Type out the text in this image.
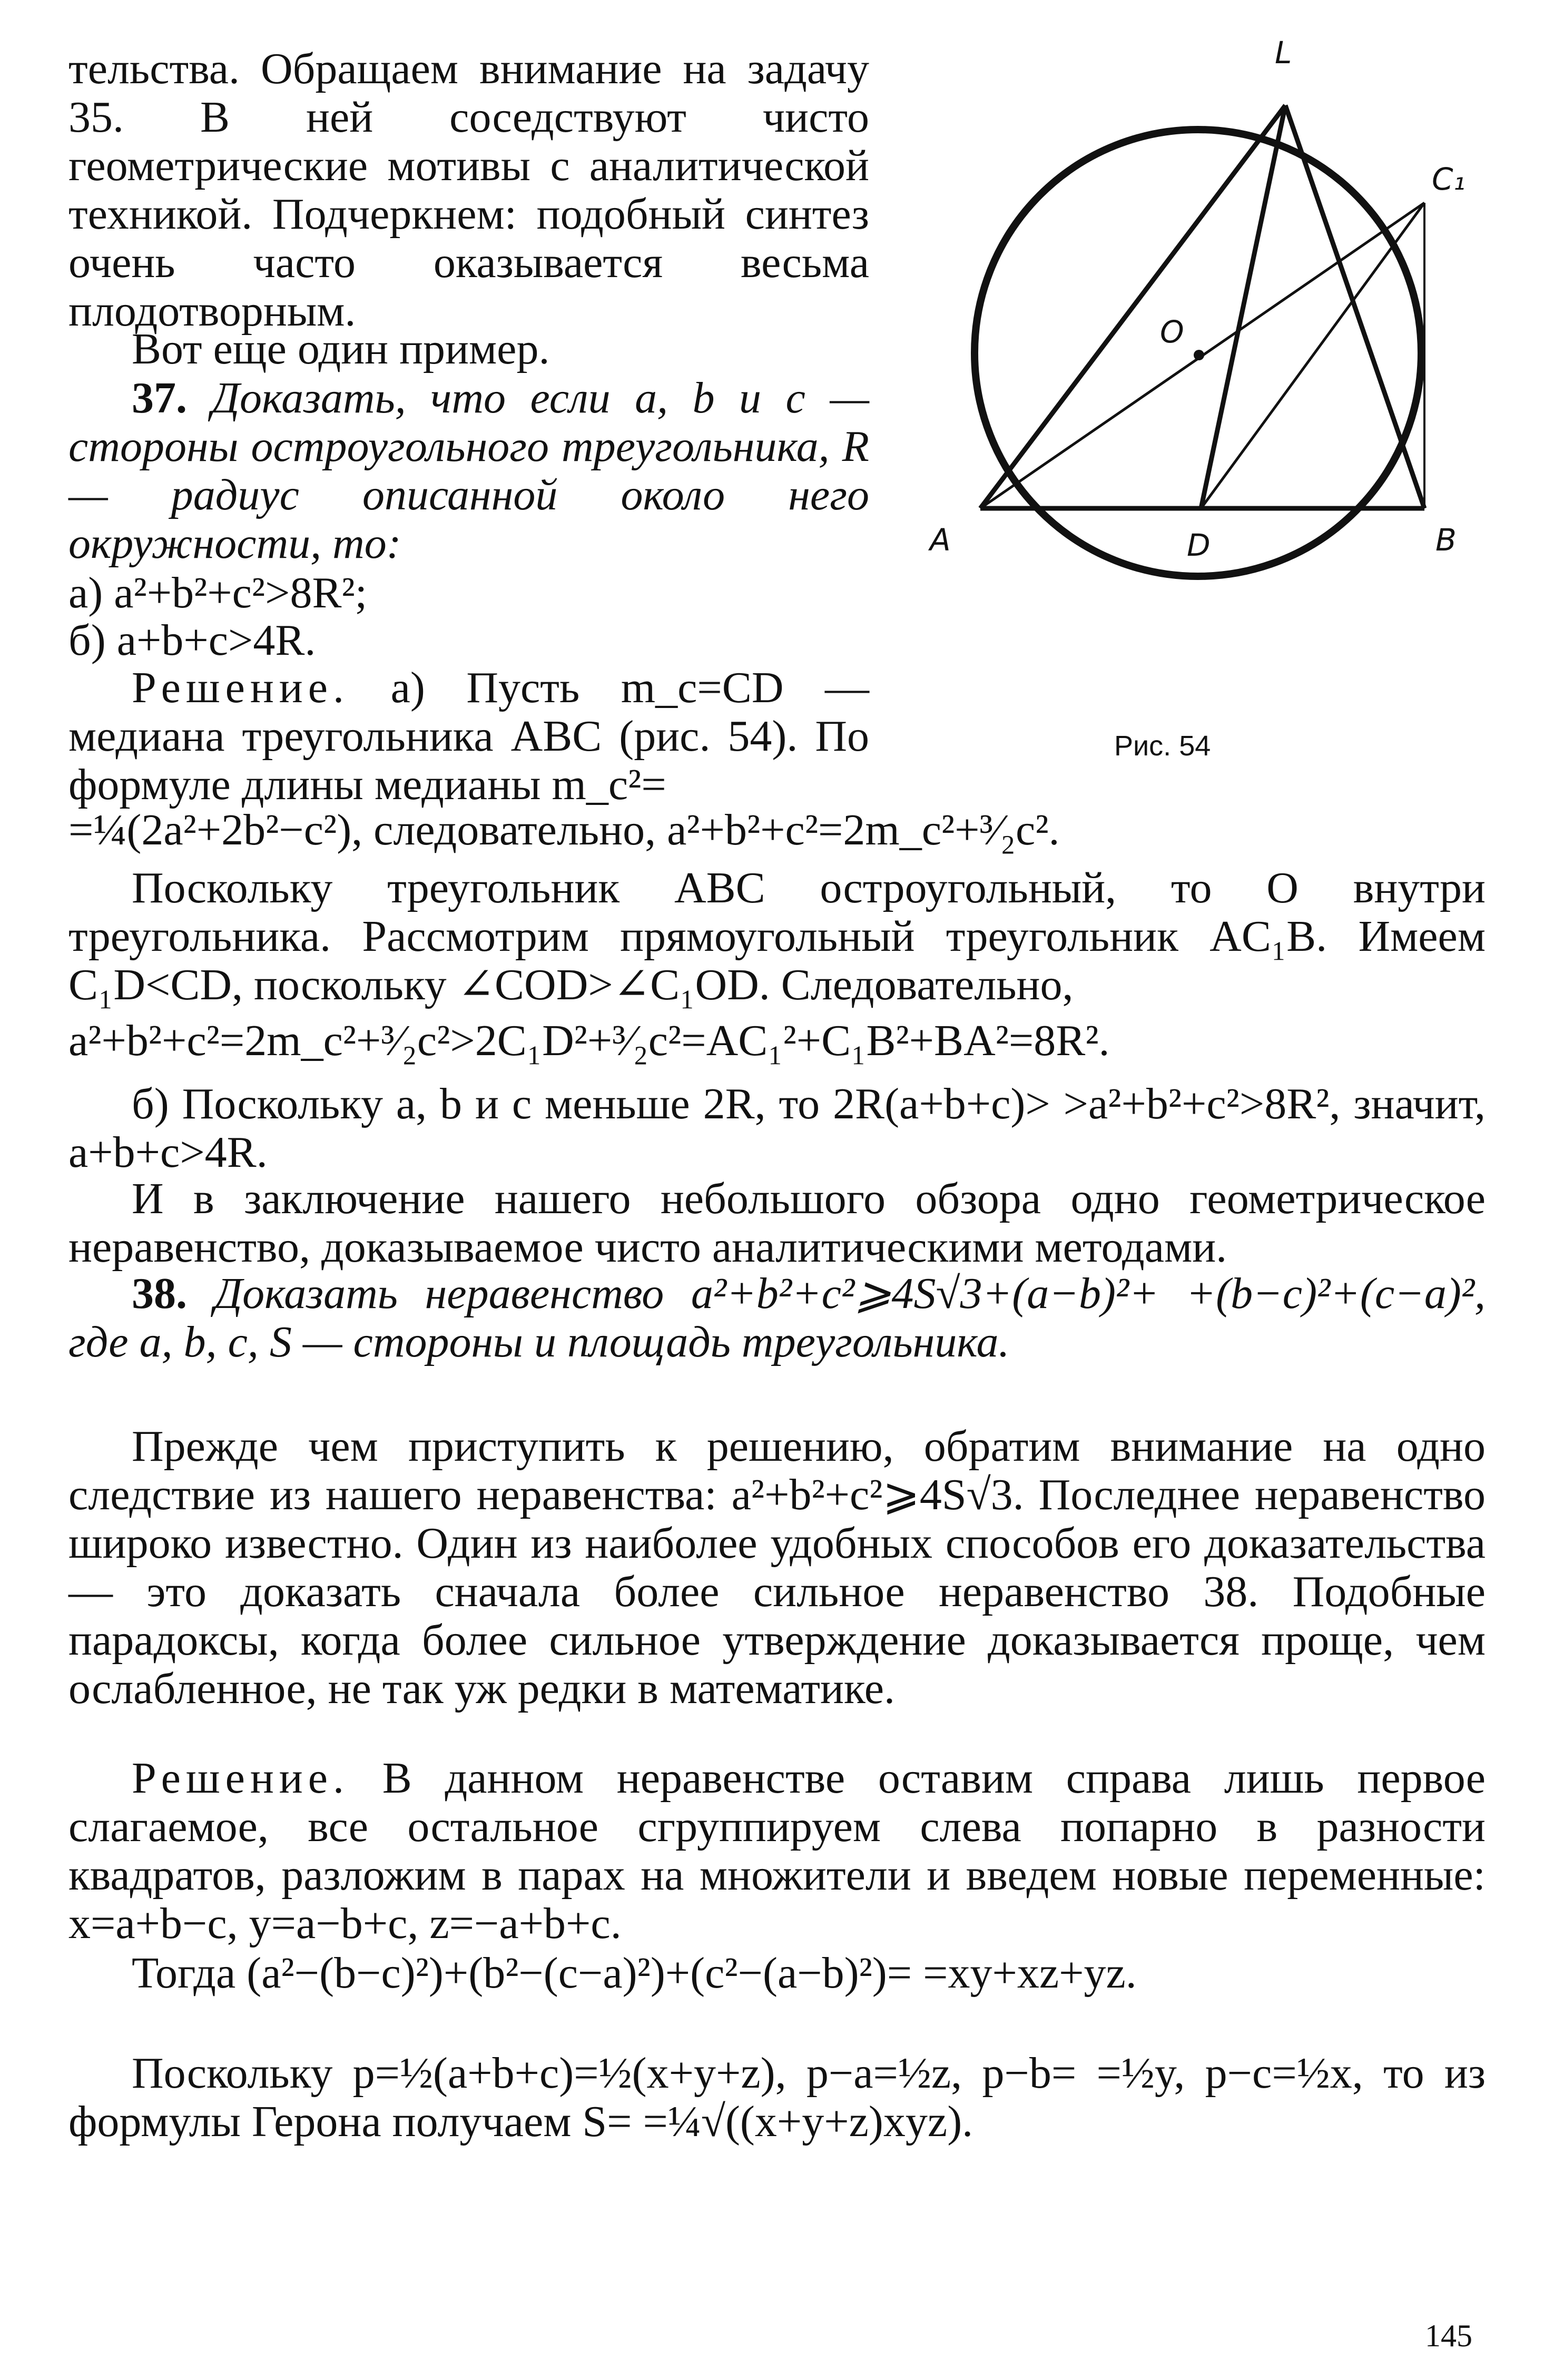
L
C₁
O
A	D	B
Рис. 54

тельства. Обращаем внимание на задачу 35. В ней соседствуют чисто геометрические мотивы с аналитической техникой. Подчеркнем: подобный синтез очень часто оказывается весьма плодотворным.

Вот еще один пример.

37. Доказать, что если a, b и c — стороны остроугольного треугольника, R — радиус описанной около него окружности, то:

а) a²+b²+c²>8R²;

б) a+b+c>4R.

Решение. а) Пусть m_c=CD — медиана треугольника ABC (рис. 54). По формуле длины медианы m_c²=

=¼(2a²+2b²−c²), следовательно, a²+b²+c²=2m_c²+³⁄₂c².

Поскольку треугольник ABC остроугольный, то O внутри треугольника. Рассмотрим прямоугольный треугольник AC₁B. Имеем C₁D<CD, поскольку ∠COD>∠C₁OD. Следовательно,

a²+b²+c²=2m_c²+³⁄₂c²>2C₁D²+³⁄₂c²=AC₁²+C₁B²+BA²=8R².

б) Поскольку a, b и c меньше 2R, то 2R(a+b+c)> >a²+b²+c²>8R², значит, a+b+c>4R.

И в заключение нашего небольшого обзора одно геометрическое неравенство, доказываемое чисто аналитическими методами.

38. Доказать неравенство a²+b²+c²⩾4S√3+(a−b)²+ +(b−c)²+(c−a)², где a, b, c, S — стороны и площадь треугольника.

Прежде чем приступить к решению, обратим внимание на одно следствие из нашего неравенства: a²+b²+c²⩾4S√3. Последнее неравенство широко известно. Один из наиболее удобных способов его доказательства — это доказать сначала более сильное неравенство 38. Подобные парадоксы, когда более сильное утверждение доказывается проще, чем ослабленное, не так уж редки в математике.

Решение. В данном неравенстве оставим справа лишь первое слагаемое, все остальное сгруппируем слева попарно в разности квадратов, разложим в парах на множители и введем новые переменные: x=a+b−c, y=a−b+c, z=−a+b+c.

Тогда (a²−(b−c)²)+(b²−(c−a)²)+(c²−(a−b)²)= =xy+xz+yz.

Поскольку p=½(a+b+c)=½(x+y+z), p−a=½z, p−b= =½y, p−c=½x, то из формулы Герона получаем S= =¼√((x+y+z)xyz).

145
